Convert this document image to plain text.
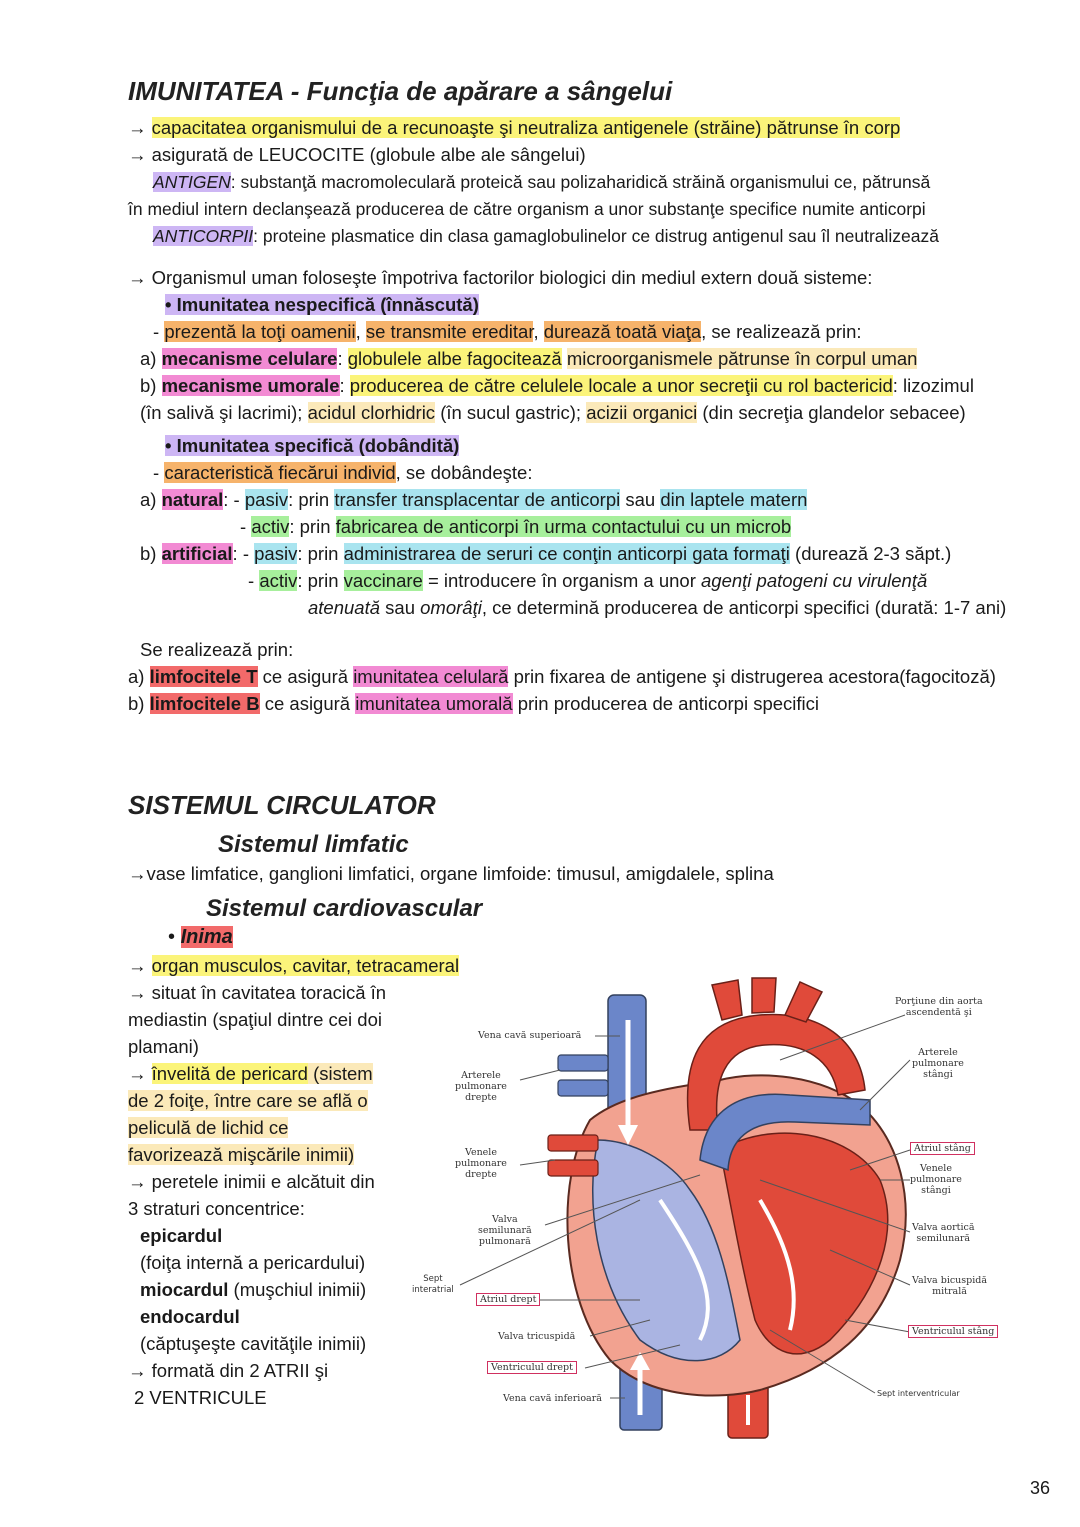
IMUNITATEA - Funcţia de apărare a sângelui
→ capacitatea organismului de a recunoaşte şi neutraliza antigenele (străine) pătrunse în corp
→ asigurată de LEUCOCITE (globule albe ale sângelui)
ANTIGEN: substanţă macromoleculară proteică sau polizaharidică străină organismului ce, pătrunsă
în mediul intern declanşează producerea de către organism a unor substanţe specifice numite anticorpi
ANTICORPII: proteine plasmatice din clasa gamaglobulinelor ce distrug antigenul sau îl neutralizează
→ Organismul uman foloseşte împotriva factorilor biologici din mediul extern două sisteme:
• Imunitatea nespecifică (înnăscută)
- prezentă la toţi oamenii, se transmite ereditar, durează toată viaţa, se realizează prin:
a) mecanisme celulare: globulele albe fagocitează microorganismele pătrunse în corpul uman
b) mecanisme umorale: producerea de către celulele locale a unor secreţii cu rol bactericid: lizozimul
(în salivă şi lacrimi); acidul clorhidric (în sucul gastric); acizii organici (din secreţia glandelor sebacee)
• Imunitatea specifică (dobândită)
- caracteristică fiecărui individ, se dobândeşte:
a) natural: - pasiv: prin transfer transplacentar de anticorpi sau din laptele matern
- activ: prin fabricarea de anticorpi în urma contactului cu un microb
b) artificial: - pasiv: prin administrarea de seruri ce conţin anticorpi gata formaţi (durează 2-3 săpt.)
- activ: prin vaccinare = introducere în organism a unor agenţi patogeni cu virulenţă
atenuată sau omorâţi, ce determină producerea de anticorpi specifici (durată: 1-7 ani)
Se realizează prin:
a) limfocitele T ce asigură imunitatea celulară prin fixarea de antigene şi distrugerea acestora(fagocitoză)
b) limfocitele B ce asigură imunitatea umorală prin producerea de anticorpi specifici
SISTEMUL CIRCULATOR
Sistemul limfatic
→vase limfatice, ganglioni limfatici, organe limfoide: timusul, amigdalele, splina
Sistemul cardiovascular
• Inima
→ organ musculos, cavitar, tetracameral
→ situat în cavitatea toracică în
mediastin (spaţiul dintre cei doi
plamani)
→ învelită de pericard (sistem
de 2 foiţe, între care se află o
peliculă de lichid ce
favorizează mişcările inimii)
→ peretele inimii e alcătuit din
3 straturi concentrice:
epicardul
(foiţa internă a pericardului)
miocardul (muşchiul inimii)
endocardul
(căptuşeşte cavităţile inimii)
→ formată din 2 ATRII şi
2 VENTRICULE
Vena cavă superioară
Arterele
pulmonare
drepte
Venele
pulmonare
drepte
Valva
semilunară
pulmonară
Sept
interatrial
Atriul drept
Valva tricuspidă
Ventriculul drept
Vena cavă inferioară
Porţiune din aorta
ascendentă şi
Arterele
pulmonare
stângi
Atriul stâng
Venele
pulmonare
stângi
Valva aortică
semilunară
Valva bicuspidă
mitrală
Ventriculul stâng
Sept interventricular
36
